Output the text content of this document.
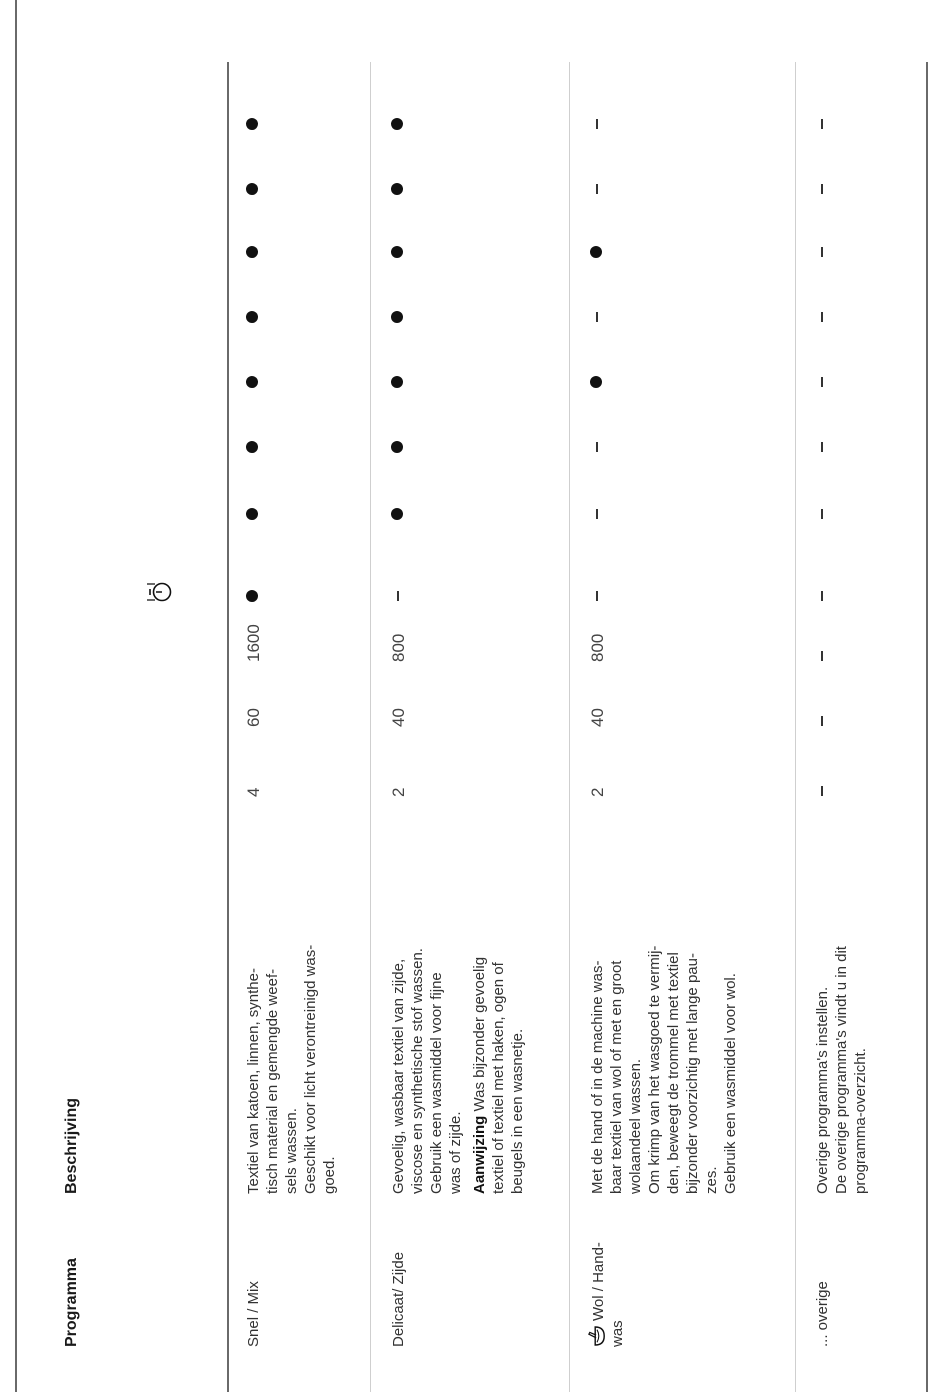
Programma
Beschrijving
Snel / Mix

Textiel van katoen, linnen, synthe- tisch material en gemengde weef- sels wassen. Geschikt voor licht verontreinigd was- goed.

4
60
1600
Delicaat/ Zijde

Gevoelig, wasbaar textiel van zijde, viscose en synthetische stof wassen. Gebruik een wasmiddel voor fijne was of zijde. Aanwijzing Was bijzonder gevoelig textiel of textiel met haken, ogen of beugels in een wasnetje.

2
40
800
Wol / Hand-
was

Met de hand of in de machine was- baar textiel van wol of met en groot wolaandeel wassen. Om krimp van het wasgoed te vermij- den, beweegt de trommel met textiel bijzonder voorzichtig met lange pau- zes. Gebruik een wasmiddel voor wol.

2
40
800
... overige

Overige programma's instellen. De overige programma's vindt u in dit programma-overzicht.
